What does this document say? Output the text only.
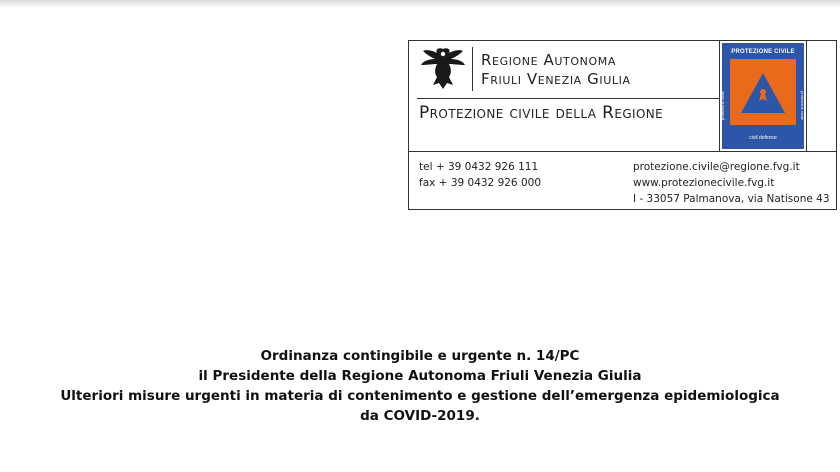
Regione Autonoma
Friuli Venezia Giulia
Protezione civile della Regione
PROTEZIONE CIVILE
protezione civile	protezione civile
civil defence
tel + 39 0432 926 111
fax + 39 0432 926 000
protezione.civile@regione.fvg.it
www.protezionecivile.fvg.it
I - 33057 Palmanova, via Natisone 43
Ordinanza contingibile e urgente n. 14/PC
il Presidente della Regione Autonoma Friuli Venezia Giulia
Ulteriori misure urgenti in materia di contenimento e gestione dell’emergenza epidemiologica
da COVID-2019.
